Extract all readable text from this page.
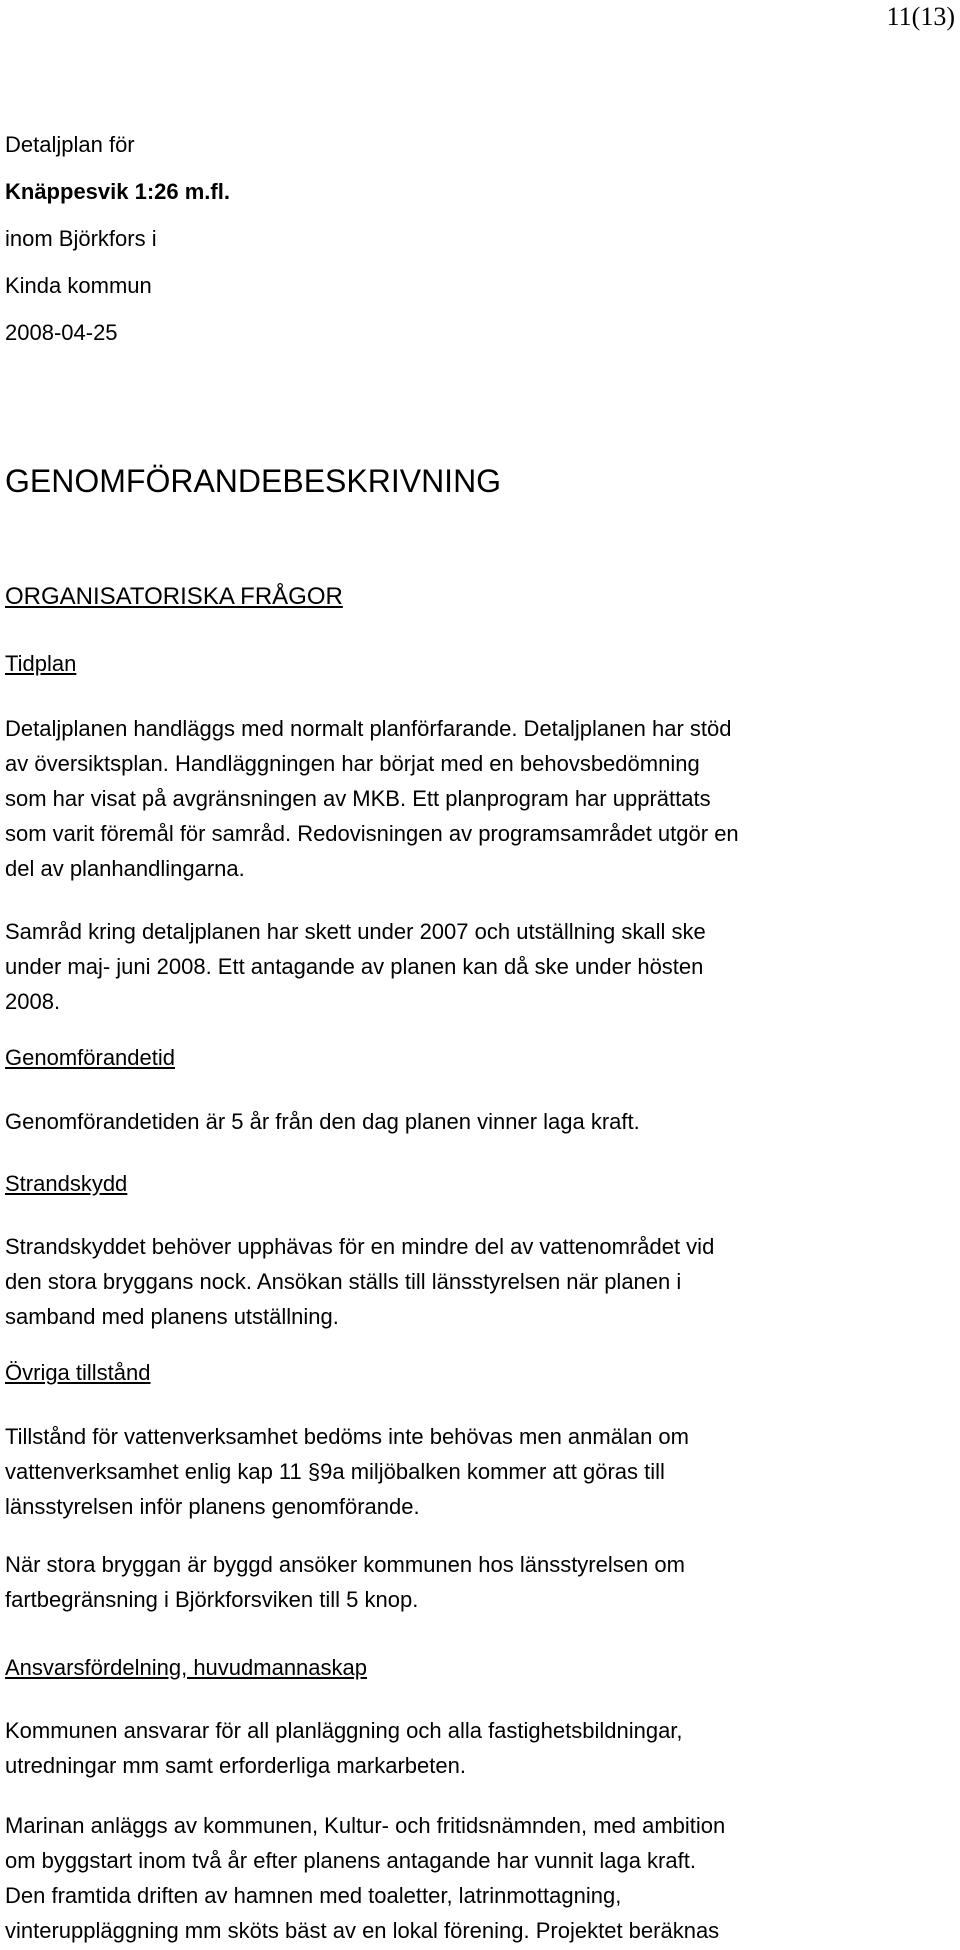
11(13)
Detaljplan för
Knäppesvik 1:26 m.fl.
inom Björkfors i
Kinda kommun
2008-04-25
GENOMFÖRANDEBESKRIVNING
ORGANISATORISKA FRÅGOR
Tidplan

Detaljplanen handläggs med normalt planförfarande. Detaljplanen har stöd
av översiktsplan. Handläggningen har börjat med en behovsbedömning
som har visat på avgränsningen av MKB. Ett planprogram har upprättats
som varit föremål för samråd. Redovisningen av programsamrådet utgör en
del av planhandlingarna.

Samråd kring detaljplanen har skett under 2007 och utställning skall ske
under maj- juni 2008. Ett antagande av planen kan då ske under hösten
2008.

Genomförandetid

Genomförandetiden är 5 år från den dag planen vinner laga kraft.

Strandskydd

Strandskyddet behöver upphävas för en mindre del av vattenområdet vid
den stora bryggans nock. Ansökan ställs till länsstyrelsen när planen i
samband med planens utställning.

Övriga tillstånd

Tillstånd för vattenverksamhet bedöms inte behövas men anmälan om
vattenverksamhet enlig kap 11 §9a miljöbalken kommer att göras till
länsstyrelsen inför planens genomförande.

När stora bryggan är byggd ansöker kommunen hos länsstyrelsen om
fartbegränsning i Björkforsviken till 5 knop.

Ansvarsfördelning, huvudmannaskap

Kommunen ansvarar för all planläggning och alla fastighetsbildningar,
utredningar mm samt erforderliga markarbeten.

Marinan anläggs av kommunen, Kultur- och fritidsnämnden, med ambition
om byggstart inom två år efter planens antagande har vunnit laga kraft.
Den framtida driften av hamnen med toaletter, latrinmottagning,
vinteruppläggning mm sköts bäst av en lokal förening. Projektet beräknas
